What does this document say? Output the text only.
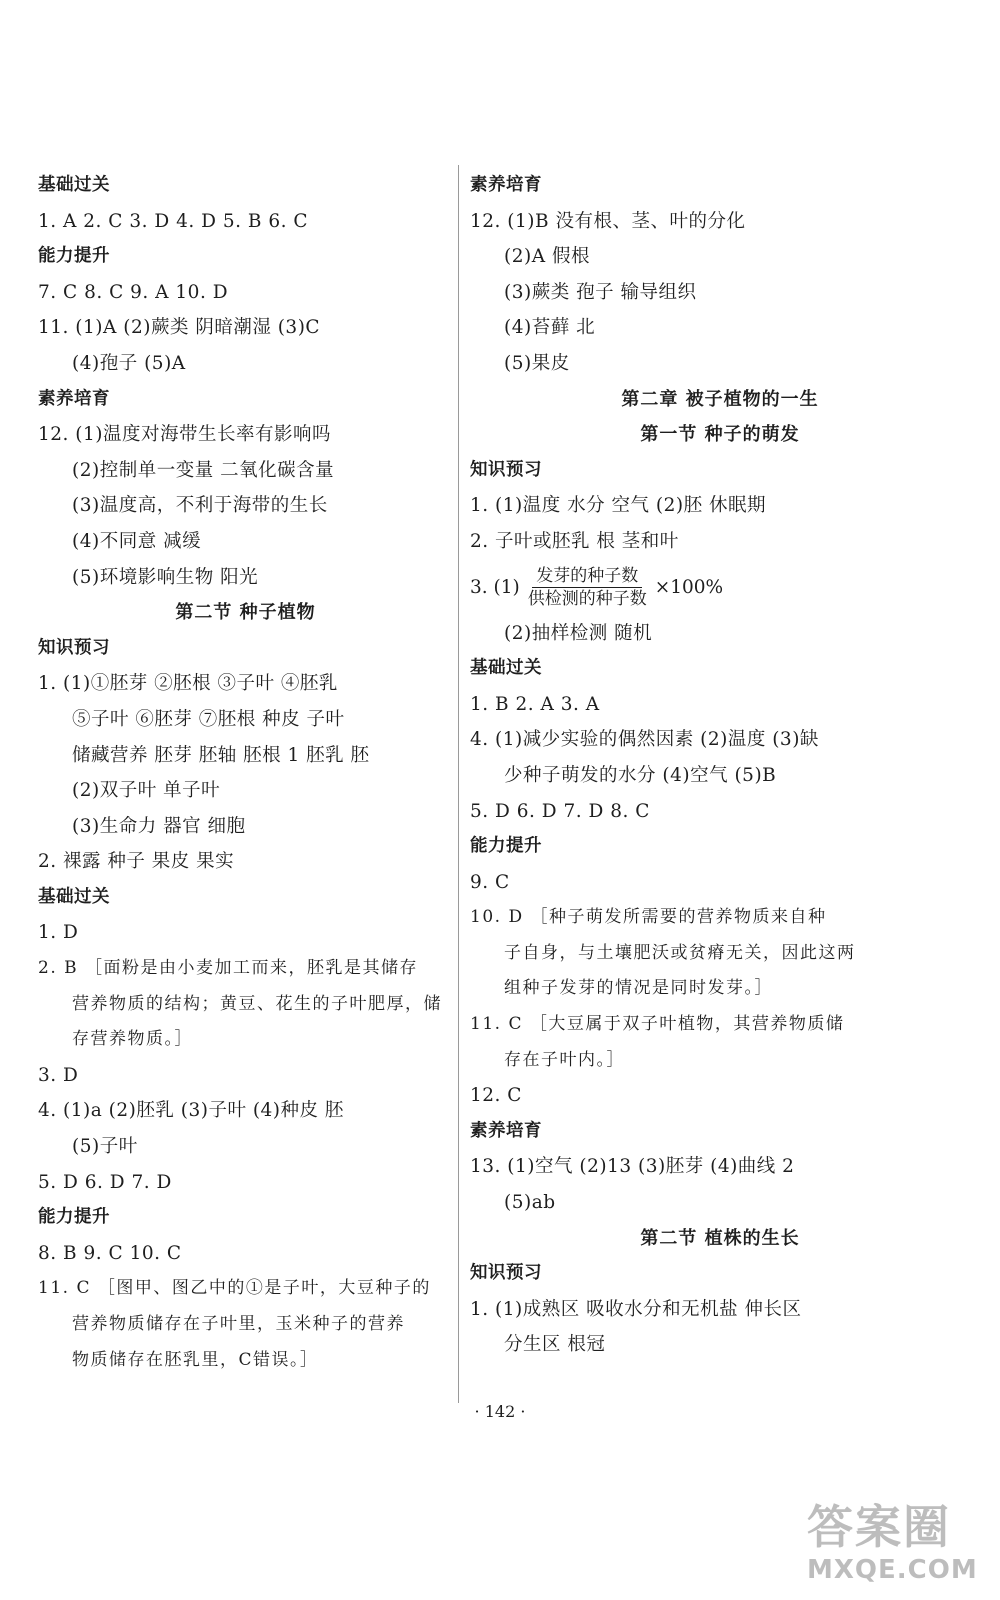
基础过关
1. A 2. C 3. D 4. D 5. B 6. C
能力提升
7. C 8. C 9. A 10. D
11. (1)A (2)蕨类 阴暗潮湿 (3)C
(4)孢子 (5)A
素养培育
12. (1)温度对海带生长率有影响吗
(2)控制单一变量 二氧化碳含量
(3)温度高，不利于海带的生长
(4)不同意 减缓
(5)环境影响生物 阳光
第二节 种子植物
知识预习
1. (1)①胚芽 ②胚根 ③子叶 ④胚乳
⑤子叶 ⑥胚芽 ⑦胚根 种皮 子叶
储藏营养 胚芽 胚轴 胚根 1 胚乳 胚
(2)双子叶 单子叶
(3)生命力 器官 细胞
2. 裸露 种子 果皮 果实
基础过关
1. D
2. B ［面粉是由小麦加工而来，胚乳是其储存
营养物质的结构；黄豆、花生的子叶肥厚，储
存营养物质。］
3. D
4. (1)a (2)胚乳 (3)子叶 (4)种皮 胚
(5)子叶
5. D 6. D 7. D
能力提升
8. B 9. C 10. C
11. C ［图甲、图乙中的①是子叶，大豆种子的
营养物质储存在子叶里，玉米种子的营养
物质储存在胚乳里，C错误。］
素养培育
12. (1)B 没有根、茎、叶的分化
(2)A 假根
(3)蕨类 孢子 输导组织
(4)苔藓 北
(5)果皮
第二章 被子植物的一生
第一节 种子的萌发
知识预习
1. (1)温度 水分 空气 (2)胚 休眠期
2. 子叶或胚乳 根 茎和叶
3. $(1) \frac{\text{发芽的种子数}}{\text{供检测的种子数}} \times 100\%$
(2)抽样检测 随机
基础过关
1. B 2. A 3. A
4. (1)减少实验的偶然因素 (2)温度 (3)缺
少种子萌发的水分 (4)空气 (5)B
5. D 6. D 7. D 8. C
能力提升
9. C
10. D ［种子萌发所需要的营养物质来自种
子自身，与土壤肥沃或贫瘠无关，因此这两
组种子发芽的情况是同时发芽。］
11. C ［大豆属于双子叶植物，其营养物质储
存在子叶内。］
12. C
素养培育
13. (1)空气 (2)13 (3)胚芽 (4)曲线 2
(5)ab
第二节 植株的生长
知识预习
1. (1)成熟区 吸收水分和无机盐 伸长区
分生区 根冠
· 142 ·
答案圈
MXQE.COM
